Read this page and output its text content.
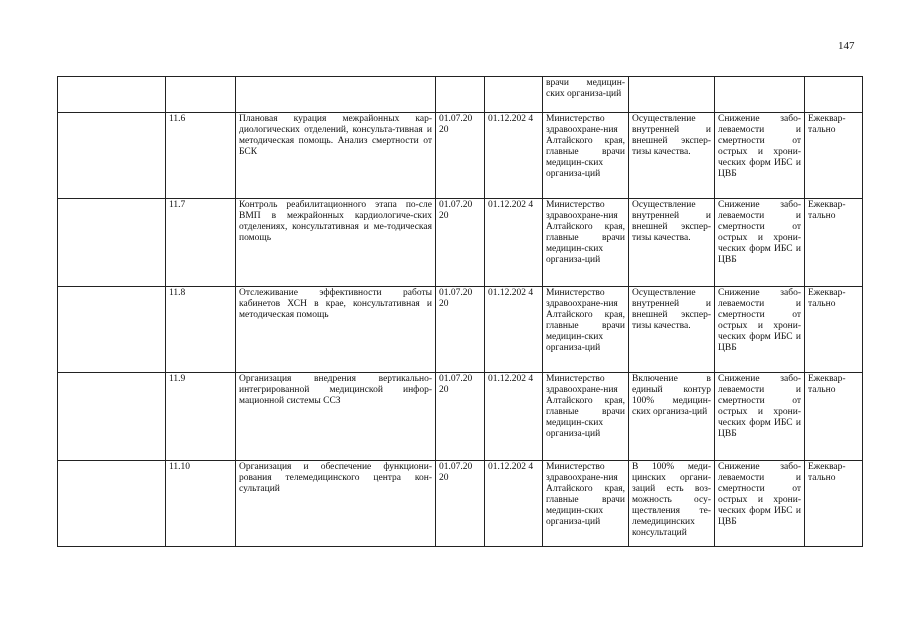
147
					врачи медицин-ских организа-ций			
	11.6	Плановая курация межрайонных кар-диологических отделений, консульта-тивная и методическая помощь. Анализ смертности от БСК	01.07.20 20	01.12.202 4	Министерство здравоохране-ния Алтайского края, главные врачи медицин-ских организа-ций	Осуществление внутренней и внешней экспер-тизы качества.	Снижение забо-леваемости и смертности от острых и хрони-ческих форм ИБС и ЦВБ	Ежеквар-тально
	11.7	Контроль реабилитационного этапа по-сле ВМП в межрайонных кардиологиче-ских отделениях, консультативная и ме-тодическая помощь	01.07.20 20	01.12.202 4	Министерство здравоохране-ния Алтайского края, главные врачи медицин-ских организа-ций	Осуществление внутренней и внешней экспер-тизы качества.	Снижение забо-леваемости и смертности от острых и хрони-ческих форм ИБС и ЦВБ	Ежеквар-тально
	11.8	Отслеживание эффективности работы кабинетов ХСН в крае, консультативная и методическая помощь	01.07.20 20	01.12.202 4	Министерство здравоохране-ния Алтайского края, главные врачи медицин-ских организа-ций	Осуществление внутренней и внешней экспер-тизы качества.	Снижение забо-леваемости и смертности от острых и хрони-ческих форм ИБС и ЦВБ	Ежеквар-тально
	11.9	Организация внедрения вертикально-интегрированной медицинской инфор-мационной системы ССЗ	01.07.20 20	01.12.202 4	Министерство здравоохране-ния Алтайского края, главные врачи медицин-ских организа-ций	Включение в единый контур 100% медицин-ских организа-ций	Снижение забо-леваемости и смертности от острых и хрони-ческих форм ИБС и ЦВБ	Ежеквар-тально
	11.10	Организация и обеспечение функциони-рования телемедицинского центра кон-сультаций	01.07.20 20	01.12.202 4	Министерство здравоохране-ния Алтайского края, главные врачи медицин-ских организа-ций	В 100% меди-цинских органи-заций есть воз-можность осу-ществления те-лемедицинских консультаций	Снижение забо-леваемости и смертности от острых и хрони-ческих форм ИБС и ЦВБ	Ежеквар-тально
